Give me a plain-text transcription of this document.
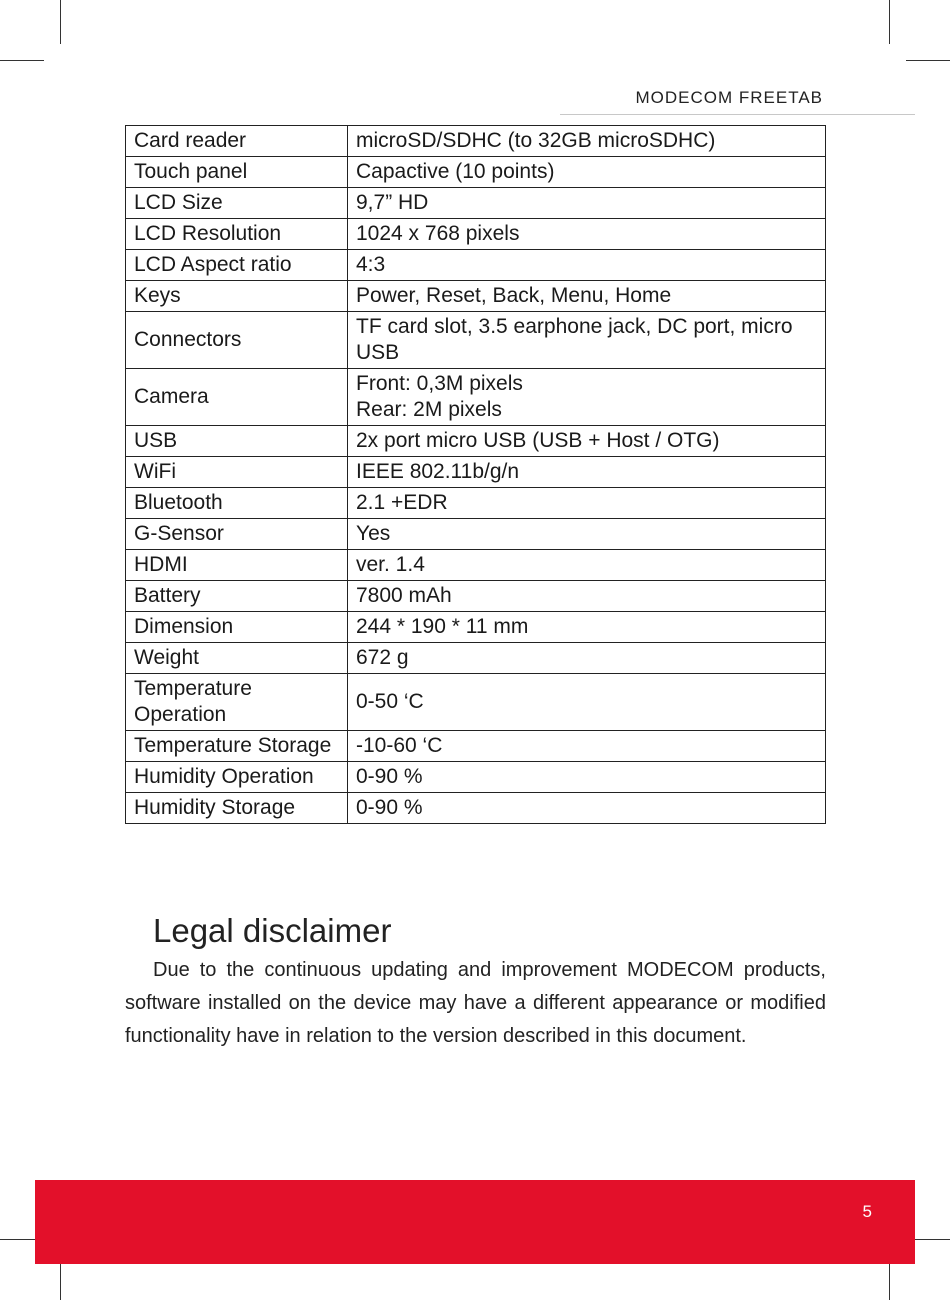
MODECOM FREETAB
Card reader	microSD/SDHC (to 32GB microSDHC)
Touch panel	Capactive (10 points)
LCD Size	9,7” HD
LCD Resolution	1024 x 768 pixels
LCD Aspect ratio	4:3
Keys	Power, Reset, Back, Menu, Home
Connectors	TF card slot, 3.5 earphone jack, DC port, micro USB
Camera	Front: 0,3M pixels
Rear: 2M pixels
USB	2x port micro USB (USB + Host / OTG)
WiFi	IEEE 802.11b/g/n
Bluetooth	2.1 +EDR
G-Sensor	Yes
HDMI	ver. 1.4
Battery	7800 mAh
Dimension	244 * 190 * 11 mm
Weight	672 g
Temperature Operation	0-50 ‘C
Temperature Storage	-10-60 ‘C
Humidity Operation	0-90 %
Humidity Storage	0-90 %
Legal disclaimer

Due to the continuous updating and improvement MODECOM products, software installed on the device may have a different appearance or modified functionality have in relation to the version described in this document.

5
